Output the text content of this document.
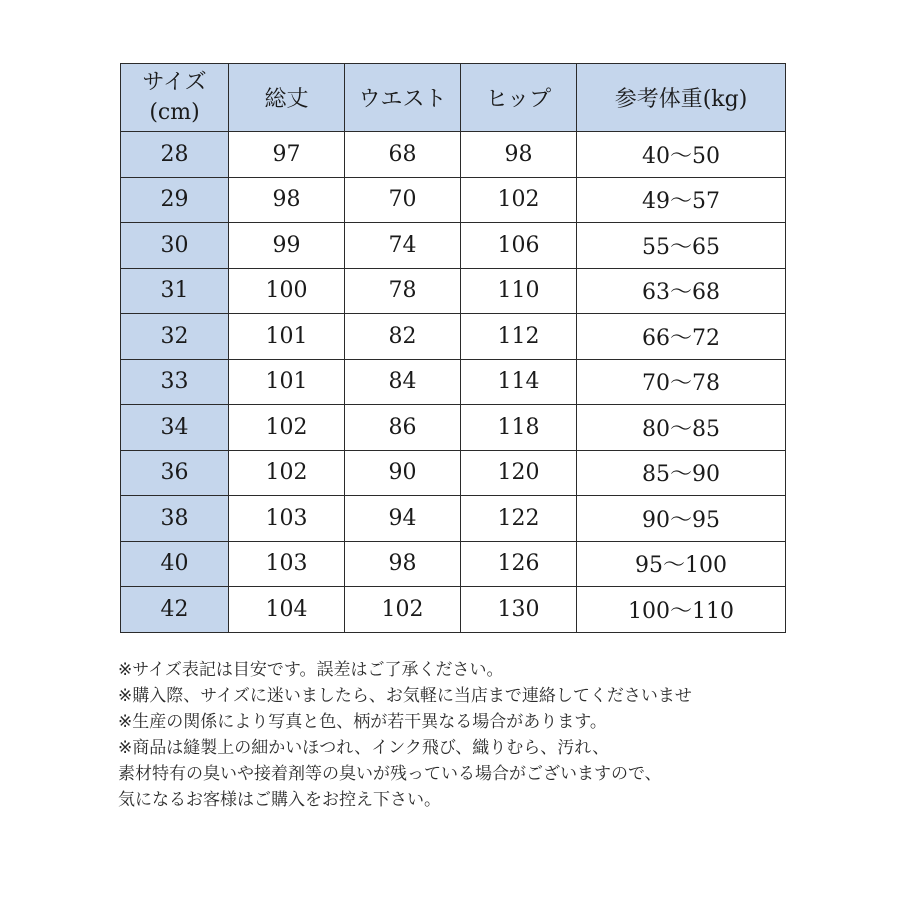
サイズ
(cm)	総丈	ウエスト	ヒップ	参考体重(kg)
28	97	68	98	40～50
29	98	70	102	49～57
30	99	74	106	55～65
31	100	78	110	63～68
32	101	82	112	66～72
33	101	84	114	70～78
34	102	86	118	80～85
36	102	90	120	85～90
38	103	94	122	90～95
40	103	98	126	95～100
42	104	102	130	100～110
※サイズ表記は目安です。誤差はご了承ください。
※購入際、サイズに迷いましたら、お気軽に当店まで連絡してくださいませ
※生産の関係により写真と色、柄が若干異なる場合があります。
※商品は縫製上の細かいほつれ、インク飛び、織りむら、汚れ、
素材特有の臭いや接着剤等の臭いが残っている場合がございますので、
気になるお客様はご購入をお控え下さい。
